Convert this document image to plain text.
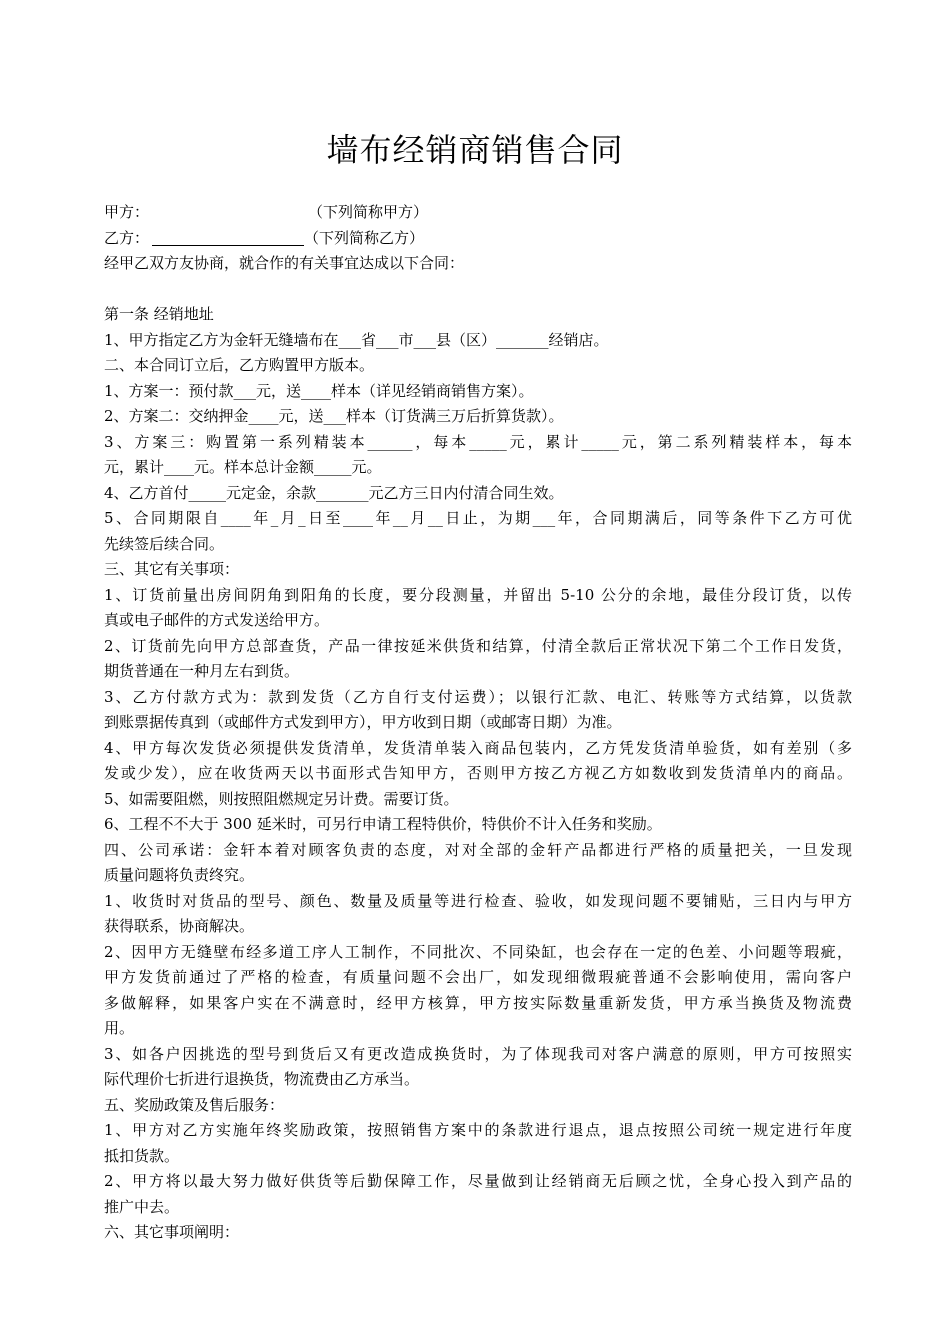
墙布经销商销售合同
甲方：	（下列简称甲方）
乙方：	（下列简称乙方）
经甲乙双方友协商，就合作的有关事宜达成以下合同：
第一条 经销地址
1、甲方指定乙方为金轩无缝墙布在___省___市___县（区）_______经销店。
二、本合同订立后，乙方购置甲方版本。
1、方案一：预付款___元，送____样本（详见经销商销售方案）。
2、方案二：交纳押金____元，送___样本（订货满三万后折算货款）。
3、方案三：购置第一系列精装本______，每本_____元，累计_____元，第二系列精装样本，每本
元，累计____元。样本总计金额_____元。
4、乙方首付_____元定金，余款_______元乙方三日内付清合同生效。
5、合同期限自____年_月_日至____年__月__日止，为期___年，合同期满后，同等条件下乙方可优
先续签后续合同。
三、其它有关事项：
1、订货前量出房间阴角到阳角的长度，要分段测量，并留出 5-10 公分的余地，最佳分段订货，以传
真或电子邮件的方式发送给甲方。
2、订货前先向甲方总部查货，产品一律按延米供货和结算，付清全款后正常状况下第二个工作日发货，
期货普通在一种月左右到货。
3、乙方付款方式为：款到发货（乙方自行支付运费）；以银行汇款、电汇、转账等方式结算，以货款
到账票据传真到（或邮件方式发到甲方），甲方收到日期（或邮寄日期）为准。
4、甲方每次发货必须提供发货清单，发货清单装入商品包装内，乙方凭发货清单验货，如有差别（多
发或少发），应在收货两天以书面形式告知甲方，否则甲方按乙方视乙方如数收到发货清单内的商品。
5、如需要阻燃，则按照阻燃规定另计费。需要订货。
6、工程不不大于 300 延米时，可另行申请工程特供价，特供价不计入任务和奖励。
四、公司承诺：金轩本着对顾客负责的态度，对对全部的金轩产品都进行严格的质量把关，一旦发现
质量问题将负责终究。
1、收货时对货品的型号、颜色、数量及质量等进行检查、验收，如发现问题不要铺贴，三日内与甲方
获得联系，协商解决。
2、因甲方无缝壁布经多道工序人工制作，不同批次、不同染缸，也会存在一定的色差、小问题等瑕疵，
甲方发货前通过了严格的检查，有质量问题不会出厂，如发现细微瑕疵普通不会影响使用，需向客户
多做解释，如果客户实在不满意时，经甲方核算，甲方按实际数量重新发货，甲方承当换货及物流费
用。
3、如各户因挑选的型号到货后又有更改造成换货时，为了体现我司对客户满意的原则，甲方可按照实
际代理价七折进行退换货，物流费由乙方承当。
五、奖励政策及售后服务：
1、甲方对乙方实施年终奖励政策，按照销售方案中的条款进行退点，退点按照公司统一规定进行年度
抵扣货款。
2、甲方将以最大努力做好供货等后勤保障工作，尽量做到让经销商无后顾之忧，全身心投入到产品的
推广中去。
六、其它事项阐明：
